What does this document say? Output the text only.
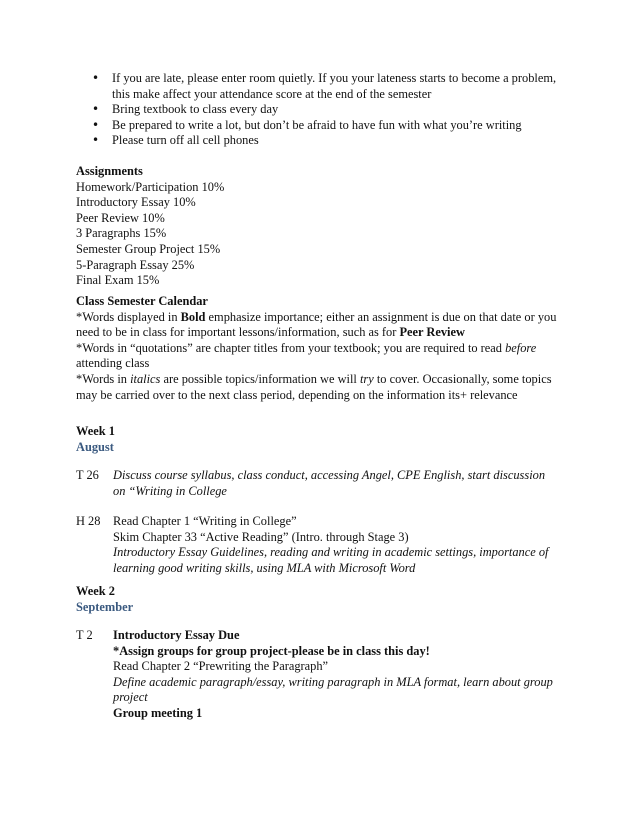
• If you are late, please enter room quietly. If you your lateness starts to become a problem,
this make affect your attendance score at the end of the semester
• Bring textbook to class every day
• Be prepared to write a lot, but don’t be afraid to have fun with what you’re writing
• Please turn off all cell phones
Assignments
Homework/Participation 10%
Introductory Essay 10%
Peer Review 10%
3 Paragraphs 15%
Semester Group Project 15%
5-Paragraph Essay 25%
Final Exam 15%
Class Semester Calendar
*Words displayed in Bold emphasize importance; either an assignment is due on that date or you
need to be in class for important lessons/information, such as for Peer Review
*Words in “quotations” are chapter titles from your textbook; you are required to read before
attending class
*Words in italics are possible topics/information we will try to cover. Occasionally, some topics
may be carried over to the next class period, depending on the information its+ relevance
Week 1
August
T 26	Discuss course syllabus, class conduct, accessing Angel, CPE English, start discussion
on “Writing in College
H 28	Read Chapter 1 “Writing in College”
Skim Chapter 33 “Active Reading” (Intro. through Stage 3)
Introductory Essay Guidelines, reading and writing in academic settings, importance of
learning good writing skills, using MLA with Microsoft Word
Week 2
September
T 2	Introductory Essay Due
*Assign groups for group project-please be in class this day!
Read Chapter 2 “Prewriting the Paragraph”
Define academic paragraph/essay, writing paragraph in MLA format, learn about group
project
Group meeting 1
